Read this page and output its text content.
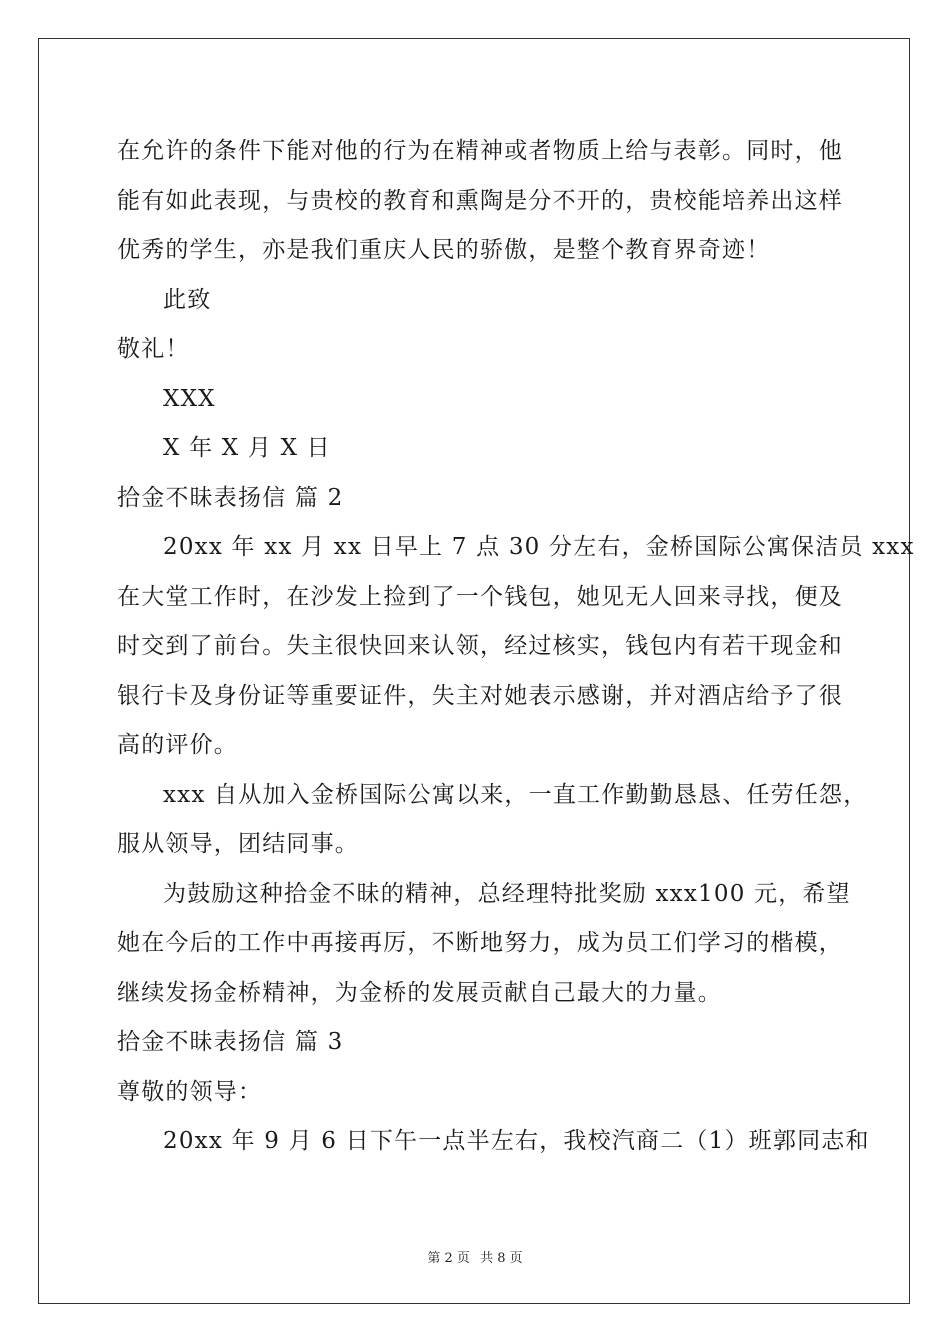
在允许的条件下能对他的行为在精神或者物质上给与表彰。同时，他
能有如此表现，与贵校的教育和熏陶是分不开的，贵校能培养出这样
优秀的学生，亦是我们重庆人民的骄傲，是整个教育界奇迹！
此致
敬礼！
XXX
X 年 X 月 X 日
拾金不昧表扬信 篇 2
20xx 年 xx 月 xx 日早上 7 点 30 分左右，金桥国际公寓保洁员 xxx
在大堂工作时，在沙发上捡到了一个钱包，她见无人回来寻找，便及
时交到了前台。失主很快回来认领，经过核实，钱包内有若干现金和
银行卡及身份证等重要证件，失主对她表示感谢，并对酒店给予了很
高的评价。
xxx 自从加入金桥国际公寓以来，一直工作勤勤恳恳、任劳任怨，
服从领导，团结同事。
为鼓励这种拾金不昧的精神，总经理特批奖励 xxx100 元，希望
她在今后的工作中再接再厉，不断地努力，成为员工们学习的楷模，
继续发扬金桥精神，为金桥的发展贡献自己最大的力量。
拾金不昧表扬信 篇 3
尊敬的领导：
20xx 年 9 月 6 日下午一点半左右，我校汽商二（1）班郭同志和
第 2 页 共 8 页
